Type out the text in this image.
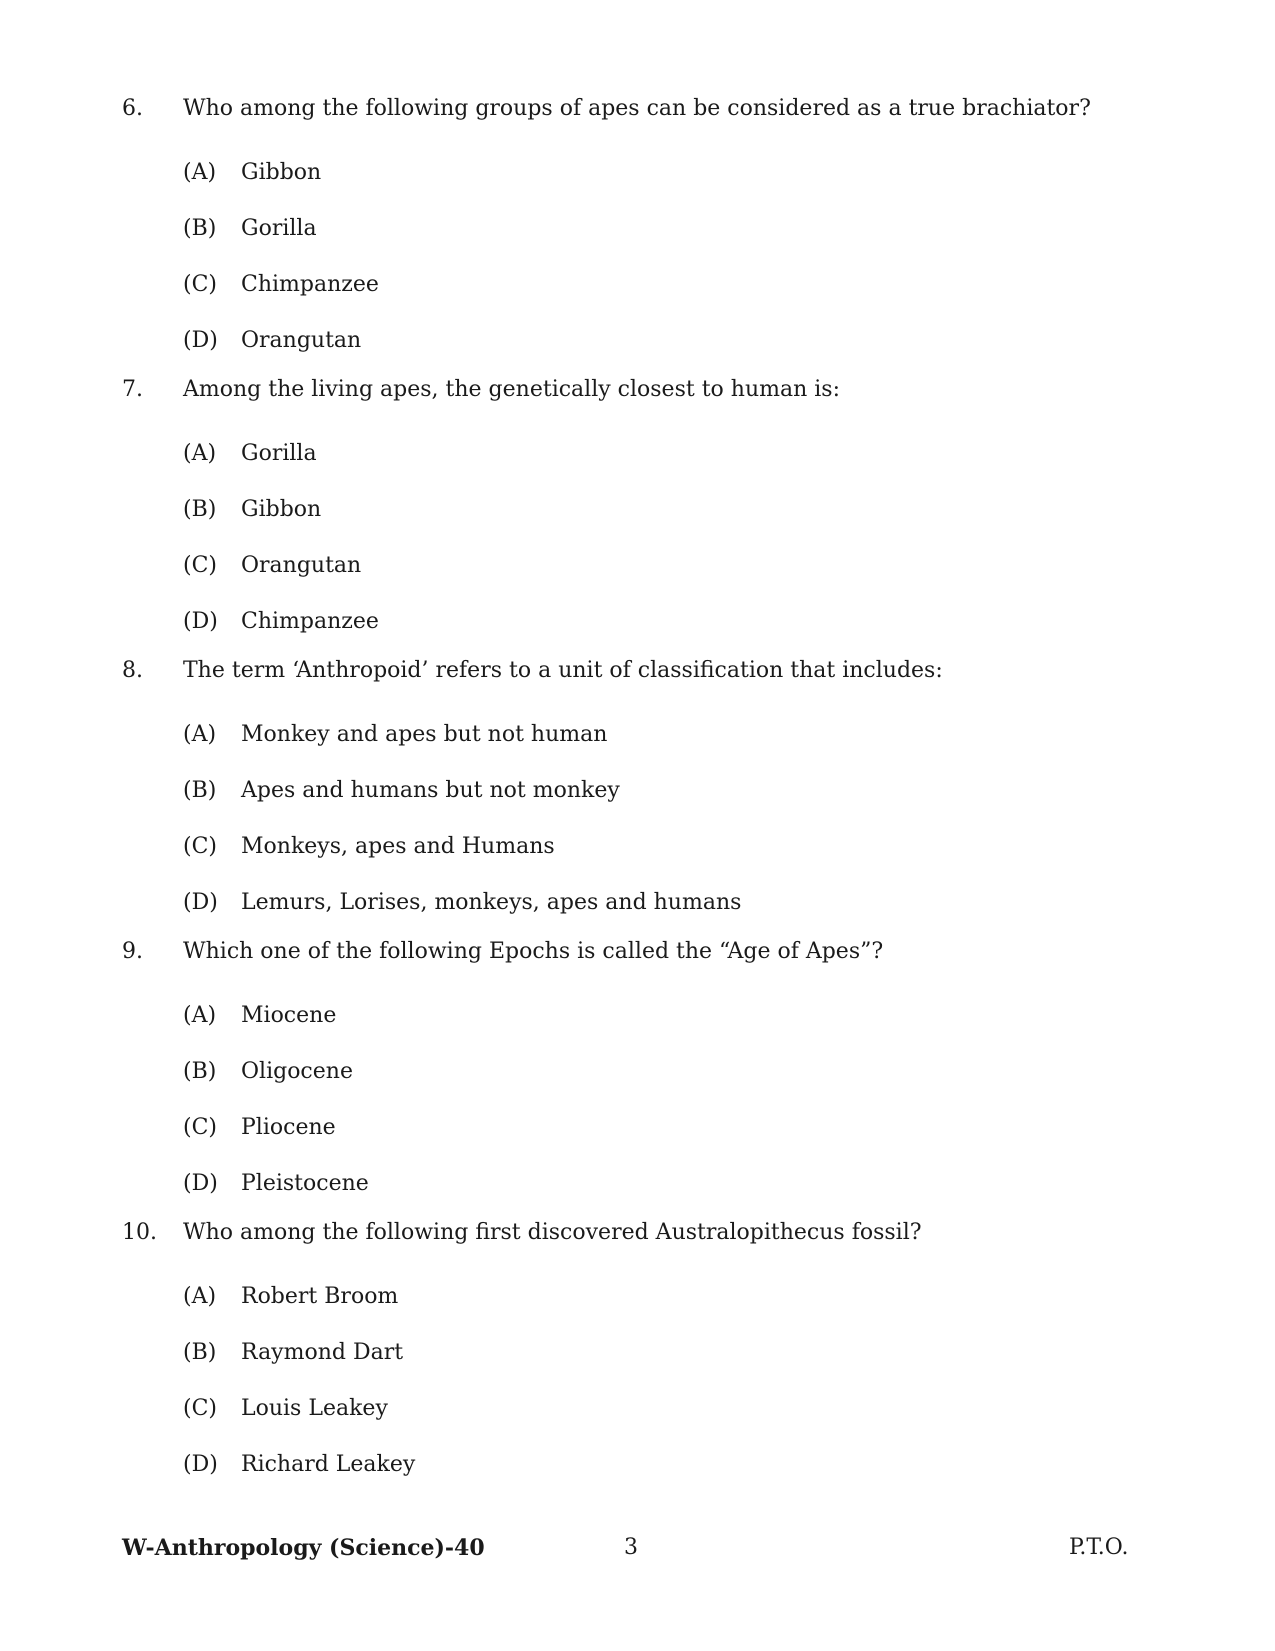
6. Who among the following groups of apes can be considered as a true brachiator?
(A) Gibbon
(B) Gorilla
(C) Chimpanzee
(D) Orangutan
7. Among the living apes, the genetically closest to human is:
(A) Gorilla
(B) Gibbon
(C) Orangutan
(D) Chimpanzee
8. The term ‘Anthropoid’ refers to a unit of classification that includes:
(A) Monkey and apes but not human
(B) Apes and humans but not monkey
(C) Monkeys, apes and Humans
(D) Lemurs, Lorises, monkeys, apes and humans
9. Which one of the following Epochs is called the “Age of Apes”?
(A) Miocene
(B) Oligocene
(C) Pliocene
(D) Pleistocene
10. Who among the following first discovered Australopithecus fossil?
(A) Robert Broom
(B) Raymond Dart
(C) Louis Leakey
(D) Richard Leakey
W-Anthropology (Science)-40	3	P.T.O.
